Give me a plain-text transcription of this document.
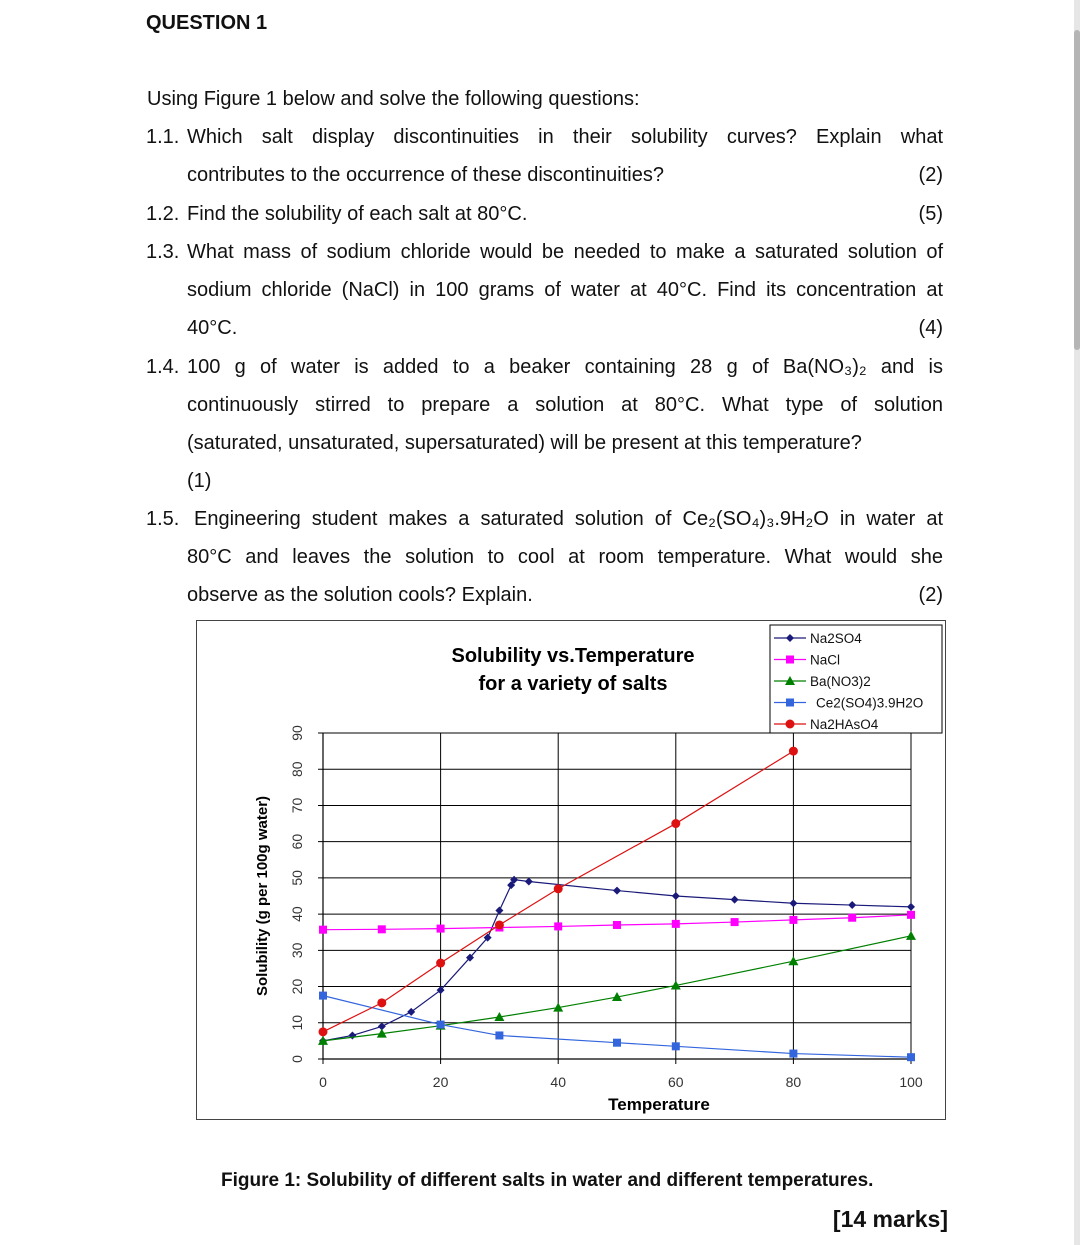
QUESTION 1
Using Figure 1 below and solve the following questions:
1.1. Which salt display discontinuities in their solubility curves? Explain what
contributes to the occurrence of these discontinuities?	(2)
1.2. Find the solubility of each salt at 80°C.	(5)
1.3. What mass of sodium chloride would be needed to make a saturated solution of
sodium chloride (NaCl) in 100 grams of water at 40°C. Find its concentration at
40°C.	(4)
1.4. 100 g of water is added to a beaker containing 28 g of Ba(NO₃)₂ and is
continuously stirred to prepare a solution at 80°C. What type of solution
(saturated, unsaturated, supersaturated) will be present at this temperature?
(1)
1.5. Engineering student makes a saturated solution of Ce₂(SO₄)₃.9H₂O in water at
80°C and leaves the solution to cool at room temperature. What would she
observe as the solution cools? Explain.	(2)
0
10
20
30
40
50
60
70
80
90
0	20	40	60	80	100
Solubility vs.Temperature
for a variety of salts
Temperature
Solubility (g per 100g water)
Na2SO4
NaCl
Ba(NO3)2
Ce2(SO4)3.9H2O
Na2HAsO4
Figure 1: Solubility of different salts in water and different temperatures.
[14 marks]
